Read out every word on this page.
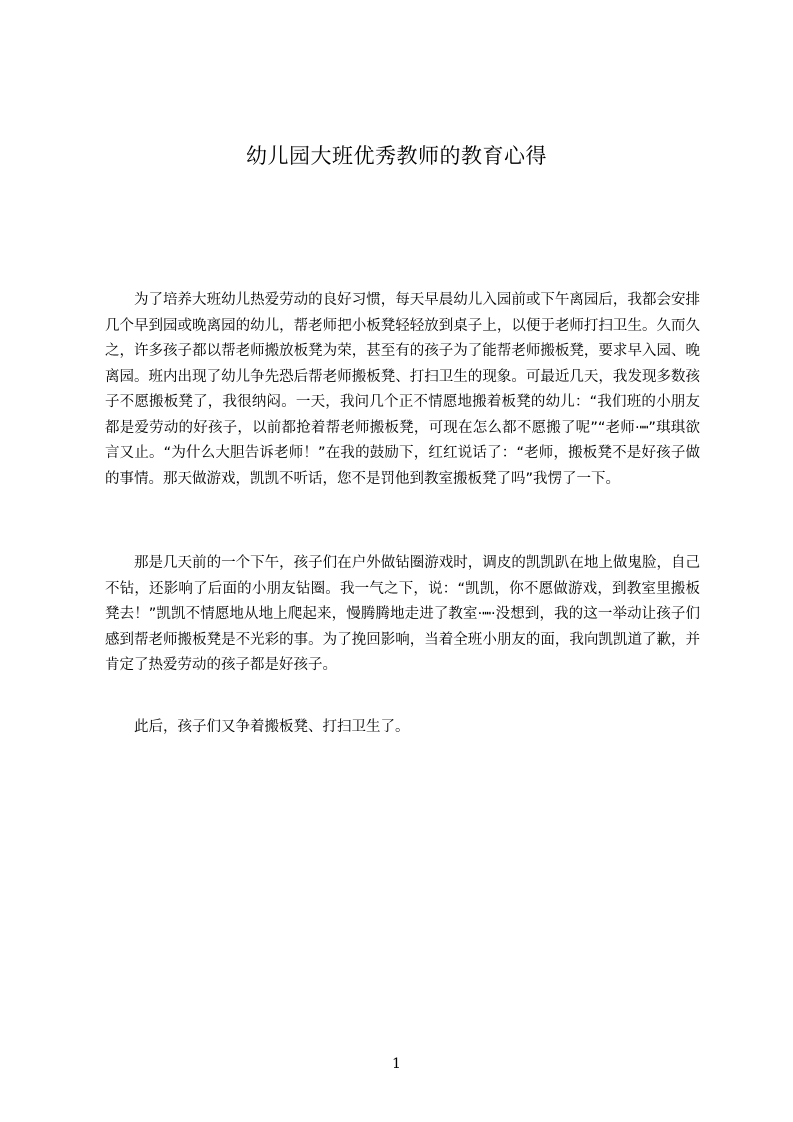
幼儿园大班优秀教师的教育心得

为了培养大班幼儿热爱劳动的良好习惯，每天早晨幼儿入园前或下午离园后，我都会安排几个早到园或晚离园的幼儿，帮老师把小板凳轻轻放到桌子上，以便于老师打扫卫生。久而久之，许多孩子都以帮老师搬放板凳为荣，甚至有的孩子为了能帮老师搬板凳，要求早入园、晚离园。班内出现了幼儿争先恐后帮老师搬板凳、打扫卫生的现象。可最近几天，我发现多数孩子不愿搬板凳了，我很纳闷。一天，我问几个正不情愿地搬着板凳的幼儿：“我们班的小朋友都是爱劳动的好孩子，以前都抢着帮老师搬板凳，可现在怎么都不愿搬了呢”“老师·┉”琪琪欲言又止。“为什么大胆告诉老师！”在我的鼓励下，红红说话了：“老师，搬板凳不是好孩子做的事情。那天做游戏，凯凯不听话，您不是罚他到教室搬板凳了吗”我愣了一下。

那是几天前的一个下午，孩子们在户外做钻圈游戏时，调皮的凯凯趴在地上做鬼脸，自己不钻，还影响了后面的小朋友钻圈。我一气之下，说：“凯凯，你不愿做游戏，到教室里搬板凳去！”凯凯不情愿地从地上爬起来，慢腾腾地走进了教室·┉·没想到，我的这一举动让孩子们感到帮老师搬板凳是不光彩的事。为了挽回影响，当着全班小朋友的面，我向凯凯道了歉，并肯定了热爱劳动的孩子都是好孩子。

此后，孩子们又争着搬板凳、打扫卫生了。

1
